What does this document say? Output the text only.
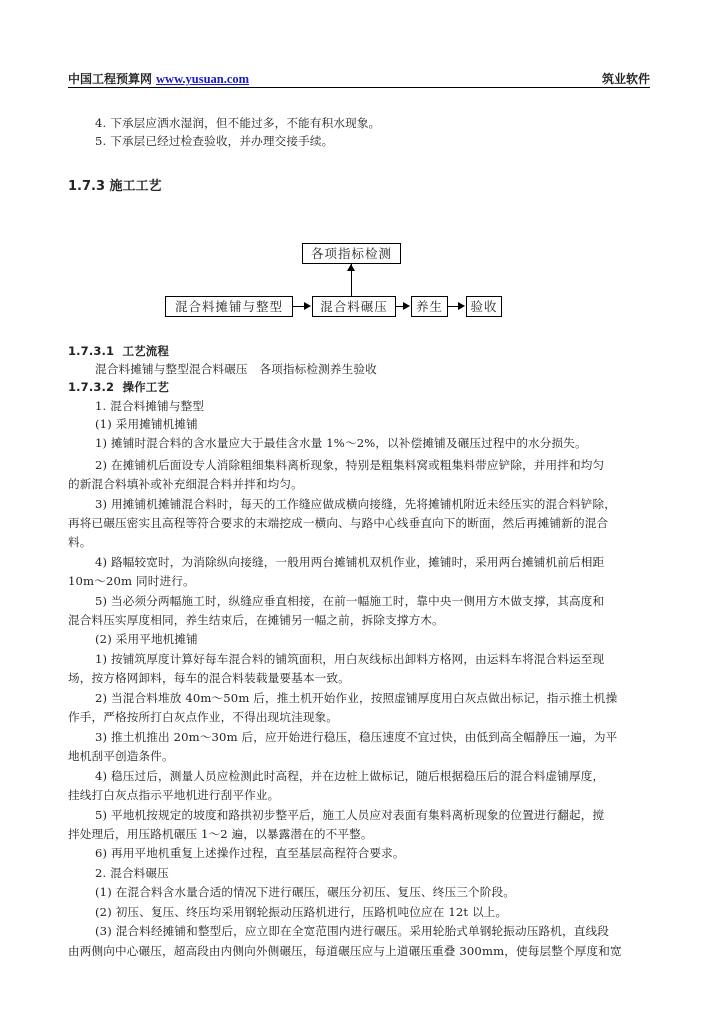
中国工程预算网 www.yusuan.com	筑业软件
4. 下承层应洒水湿润，但不能过多，不能有积水现象。
5. 下承层已经过检查验收，并办理交接手续。
1.7.3 施工工艺
各项指标检测
混合料摊铺与整型	混合料碾压	养生	验收
1.7.3.1 工艺流程
混合料摊铺与整型混合料碾压　各项指标检测养生验收
1.7.3.2 操作工艺
1. 混合料摊铺与整型
(1) 采用摊铺机摊铺
1) 摊铺时混合料的含水量应大于最佳含水量 1%～2%，以补偿摊铺及碾压过程中的水分损失。
2) 在摊铺机后面设专人消除粗细集料离析现象，特别是粗集料窝或粗集料带应铲除，并用拌和均匀
的新混合料填补或补充细混合料并拌和均匀。
3) 用摊铺机摊铺混合料时，每天的工作缝应做成横向接缝，先将摊铺机附近未经压实的混合料铲除，
再将已碾压密实且高程等符合要求的末端挖成一横向、与路中心线垂直向下的断面，然后再摊铺新的混合
料。
4) 路幅较宽时，为消除纵向接缝，一般用两台摊铺机双机作业，摊铺时，采用两台摊铺机前后相距
10m～20m 同时进行。
5) 当必须分两幅施工时，纵缝应垂直相接，在前一幅施工时，靠中央一侧用方木做支撑，其高度和
混合料压实厚度相同，养生结束后，在摊铺另一幅之前，拆除支撑方木。
(2) 采用平地机摊铺
1) 按铺筑厚度计算好每车混合料的铺筑面积，用白灰线标出卸料方格网，由运料车将混合料运至现
场，按方格网卸料，每车的混合料装载量要基本一致。
2) 当混合料堆放 40m～50m 后，推土机开始作业，按照虚铺厚度用白灰点做出标记，指示推土机操
作手，严格按所打白灰点作业，不得出现坑洼现象。
3) 推土机推出 20m～30m 后，应开始进行稳压，稳压速度不宜过快，由低到高全幅静压一遍，为平
地机刮平创造条件。
4) 稳压过后，测量人员应检测此时高程，并在边桩上做标记，随后根据稳压后的混合料虚铺厚度，
挂线打白灰点指示平地机进行刮平作业。
5) 平地机按规定的坡度和路拱初步整平后，施工人员应对表面有集料离析现象的位置进行翻起，搅
拌处理后，用压路机碾压 1～2 遍，以暴露潜在的不平整。
6) 再用平地机重复上述操作过程，直至基层高程符合要求。
2. 混合料碾压
(1) 在混合料含水量合适的情况下进行碾压，碾压分初压、复压、终压三个阶段。
(2) 初压、复压、终压均采用钢轮振动压路机进行，压路机吨位应在 12t 以上。
(3) 混合料经摊铺和整型后，应立即在全宽范围内进行碾压。采用轮胎式单钢轮振动压路机，直线段
由两侧向中心碾压，超高段由内侧向外侧碾压，每道碾压应与上道碾压重叠 300mm，使每层整个厚度和宽
